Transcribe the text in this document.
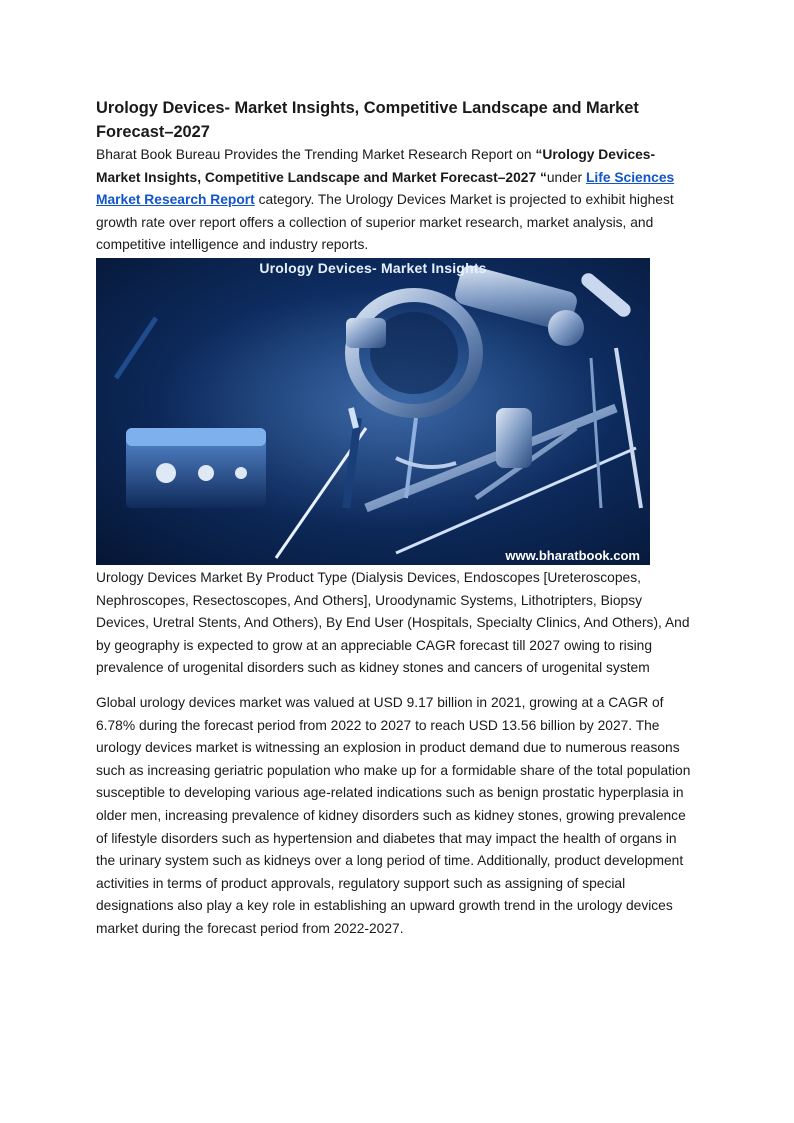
Urology Devices- Market Insights, Competitive Landscape and Market Forecast–2027

Bharat Book Bureau Provides the Trending Market Research Report on “Urology Devices-Market Insights, Competitive Landscape and Market Forecast–2027 “under Life Sciences Market Research Report category. The Urology Devices Market is projected to exhibit highest growth rate over report offers a collection of superior market research, market analysis, and competitive intelligence and industry reports.

Urology Devices- Market Insights
www.bharatbook.com

Urology Devices Market By Product Type (Dialysis Devices, Endoscopes [Ureteroscopes, Nephroscopes, Resectoscopes, And Others], Uroodynamic Systems, Lithotripters, Biopsy Devices, Uretral Stents, And Others), By End User (Hospitals, Specialty Clinics, And Others), And by geography is expected to grow at an appreciable CAGR forecast till 2027 owing to rising prevalence of urogenital disorders such as kidney stones and cancers of urogenital system

Global urology devices market was valued at USD 9.17 billion in 2021, growing at a CAGR of 6.78% during the forecast period from 2022 to 2027 to reach USD 13.56 billion by 2027. The urology devices market is witnessing an explosion in product demand due to numerous reasons such as increasing geriatric population who make up for a formidable share of the total population susceptible to developing various age-related indications such as benign prostatic hyperplasia in older men, increasing prevalence of kidney disorders such as kidney stones, growing prevalence of lifestyle disorders such as hypertension and diabetes that may impact the health of organs in the urinary system such as kidneys over a long period of time. Additionally, product development activities in terms of product approvals, regulatory support such as assigning of special designations also play a key role in establishing an upward growth trend in the urology devices market during the forecast period from 2022-2027.
